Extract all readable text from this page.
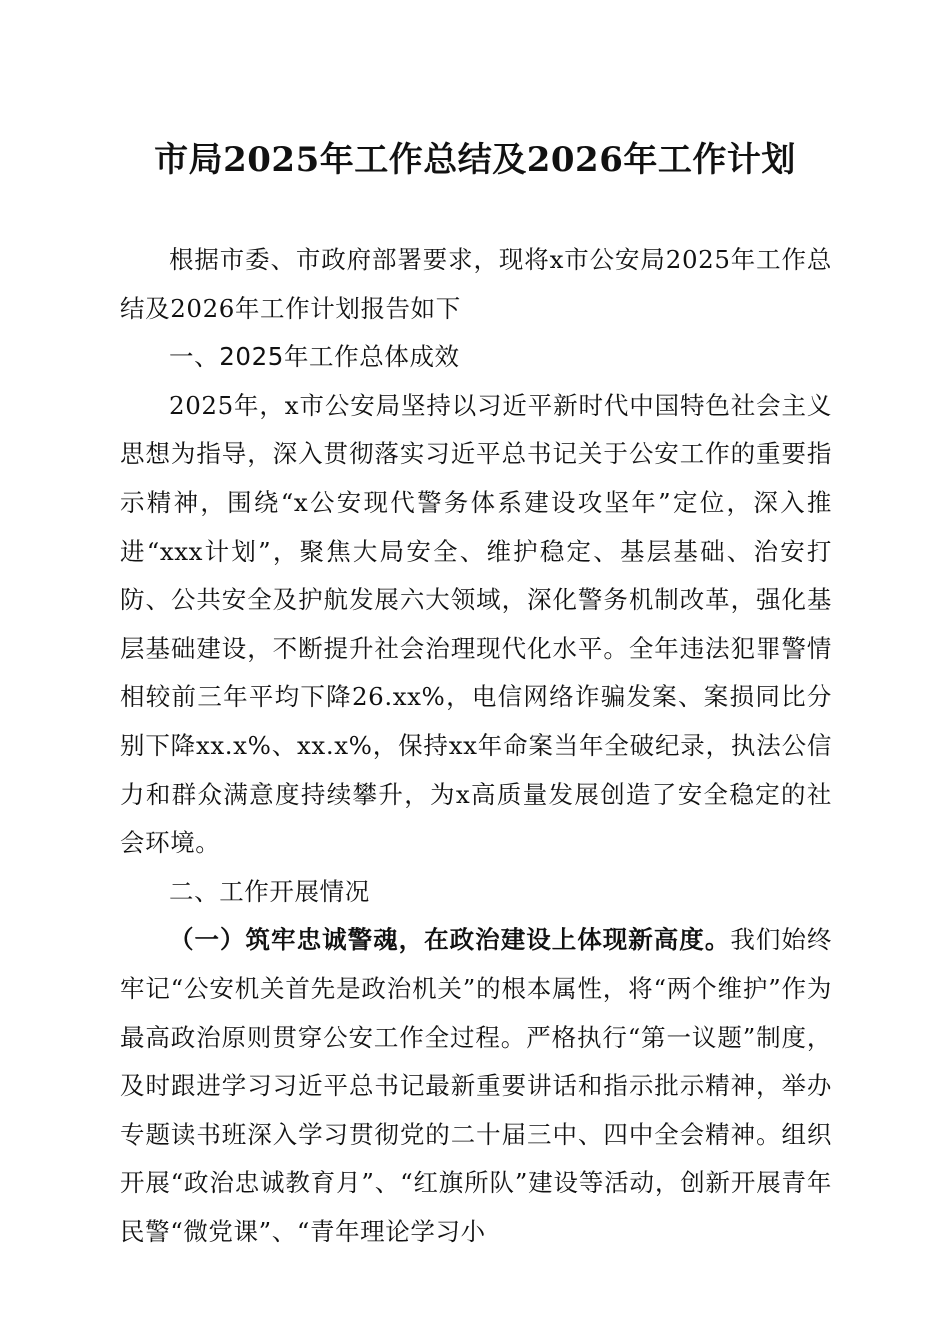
市局2025年工作总结及2026年工作计划

根据市委、市政府部署要求，现将x市公安局2025年工作总结及2026年工作计划报告如下

一、2025年工作总体成效

2025年，x市公安局坚持以习近平新时代中国特色社会主义思想为指导，深入贯彻落实习近平总书记关于公安工作的重要指示精神，围绕“x公安现代警务体系建设攻坚年”定位，深入推进“xxx计划”，聚焦大局安全、维护稳定、基层基础、治安打防、公共安全及护航发展六大领域，深化警务机制改革，强化基层基础建设，不断提升社会治理现代化水平。全年违法犯罪警情相较前三年平均下降26.xx%，电信网络诈骗发案、案损同比分别下降xx.x%、xx.x%，保持xx年命案当年全破纪录，执法公信力和群众满意度持续攀升，为x高质量发展创造了安全稳定的社会环境。

二、工作开展情况

（一）筑牢忠诚警魂，在政治建设上体现新高度。我们始终牢记“公安机关首先是政治机关”的根本属性，将“两个维护”作为最高政治原则贯穿公安工作全过程。严格执行“第一议题”制度，及时跟进学习习近平总书记最新重要讲话和指示批示精神，举办专题读书班深入学习贯彻党的二十届三中、四中全会精神。组织开展“政治忠诚教育月”、“红旗所队”建设等活动，创新开展青年民警“微党课”、“青年理论学习小
